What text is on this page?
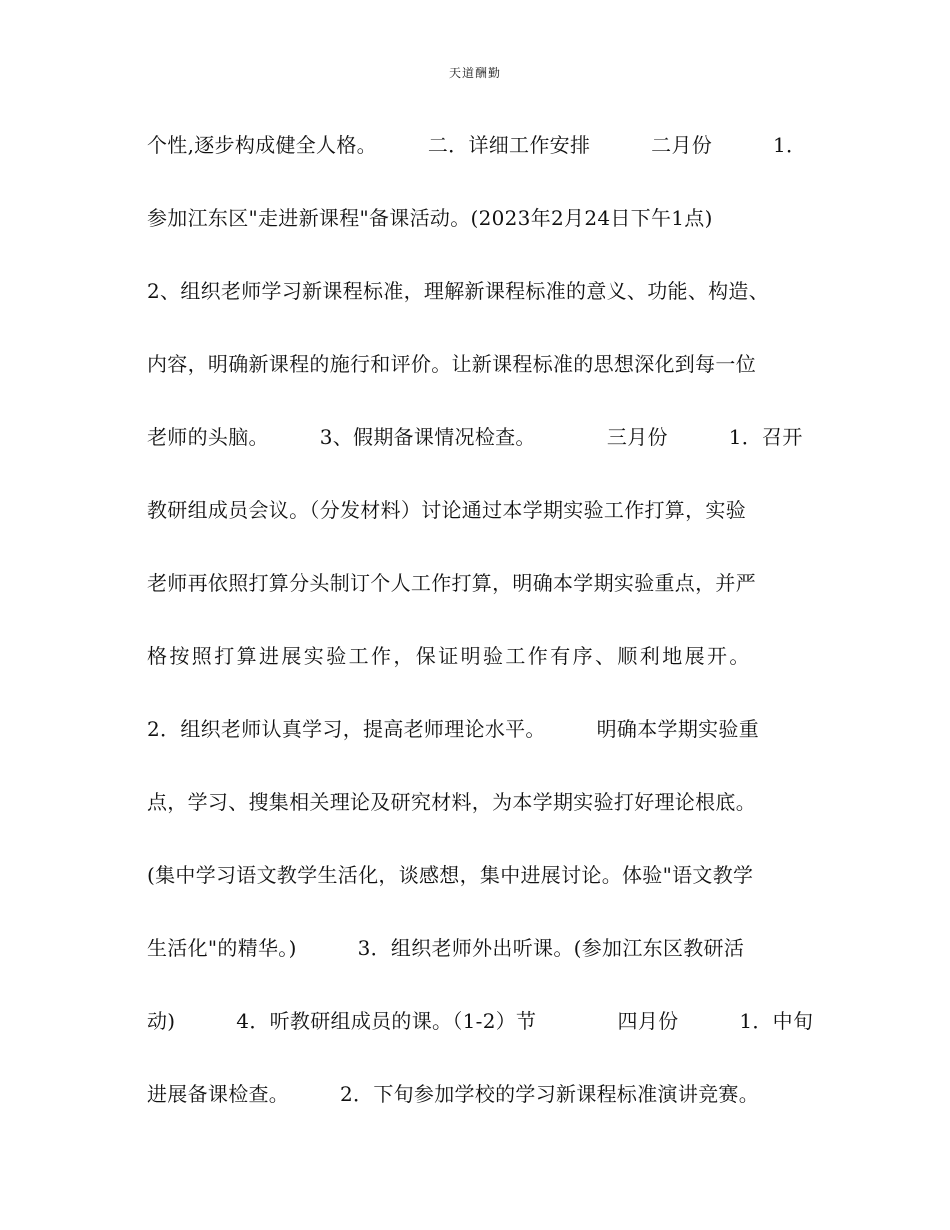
天道酬勤
个性,逐步构成健全人格。　　　二．详细工作安排　　　二月份　　　1．
参加江东区"走进新课程"备课活动。(2023年2月24日下午1点)
2、组织老师学习新课程标准，理解新课程标准的意义、功能、构造、
内容，明确新课程的施行和评价。让新课程标准的思想深化到每一位
老师的头脑。　　　3、假期备课情况检查。　　　　三月份　　　1．召开
教研组成员会议。（分发材料）讨论通过本学期实验工作打算，实验
老师再依照打算分头制订个人工作打算，明确本学期实验重点，并严
格按照打算进展实验工作，保证明验工作有序、顺利地展开。
2．组织老师认真学习，提高老师理论水平。　　　明确本学期实验重
点，学习、搜集相关理论及研究材料，为本学期实验打好理论根底。
(集中学习语文教学生活化，谈感想，集中进展讨论。体验"语文教学
生活化"的精华。)　　　3．组织老师外出听课。(参加江东区教研活
动)　　　4．听教研组成员的课。（1-2）节　　　　四月份　　　1．中旬
进展备课检查。　　　2．下旬参加学校的学习新课程标准演讲竞赛。
